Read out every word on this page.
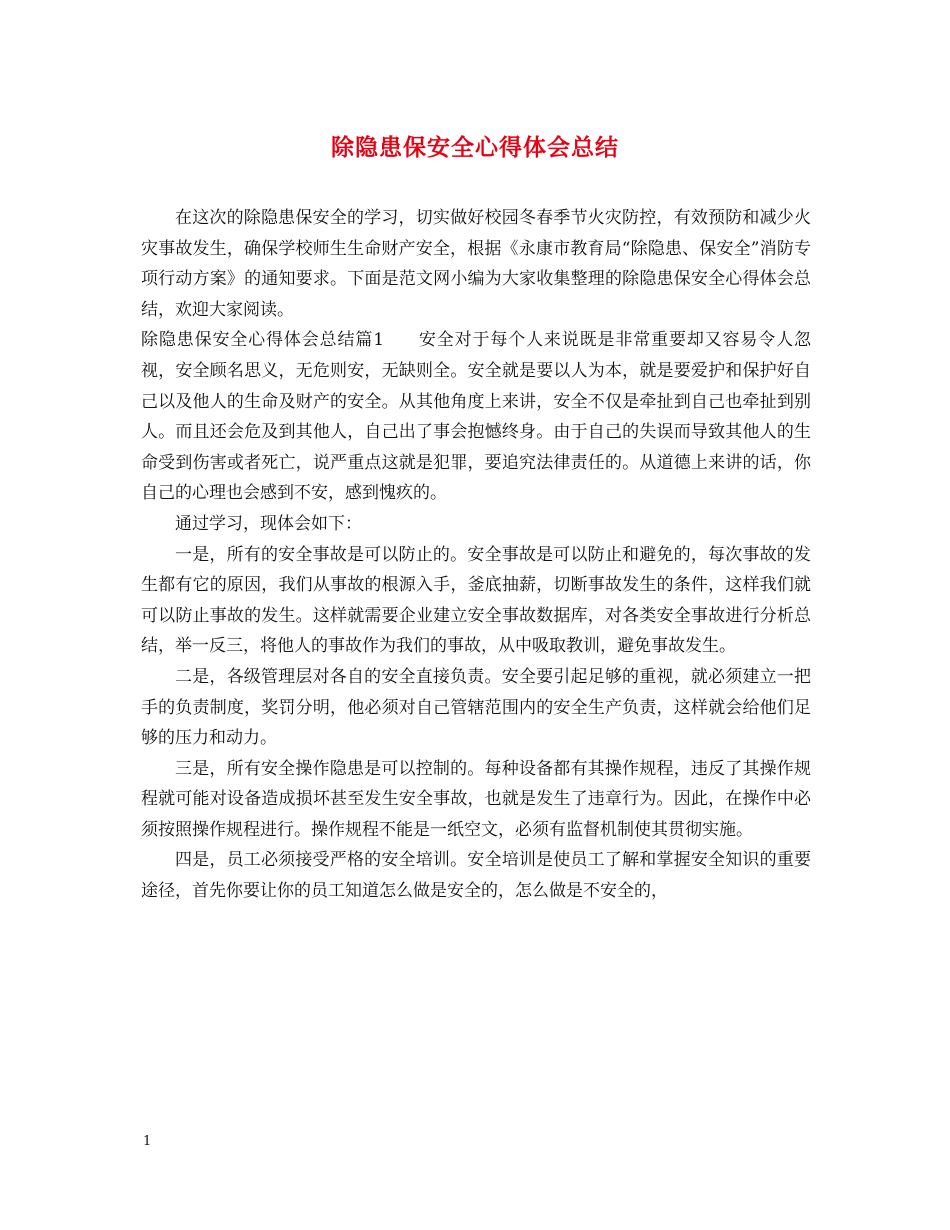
除隐患保安全心得体会总结

在这次的除隐患保安全的学习，切实做好校园冬春季节火灾防控，有效预防和减少火灾事故发生，确保学校师生生命财产安全，根据《永康市教育局“除隐患、保安全”消防专项行动方案》的通知要求。下面是范文网小编为大家收集整理的除隐患保安全心得体会总结，欢迎大家阅读。

除隐患保安全心得体会总结篇1 安全对于每个人来说既是非常重要却又容易令人忽视，安全顾名思义，无危则安，无缺则全。安全就是要以人为本，就是要爱护和保护好自己以及他人的生命及财产的安全。从其他角度上来讲，安全不仅是牵扯到自己也牵扯到别人。而且还会危及到其他人，自己出了事会抱憾终身。由于自己的失误而导致其他人的生命受到伤害或者死亡，说严重点这就是犯罪，要追究法律责任的。从道德上来讲的话，你自己的心理也会感到不安，感到愧疚的。

通过学习，现体会如下：

一是，所有的安全事故是可以防止的。安全事故是可以防止和避免的，每次事故的发生都有它的原因，我们从事故的根源入手，釜底抽薪，切断事故发生的条件，这样我们就可以防止事故的发生。这样就需要企业建立安全事故数据库，对各类安全事故进行分析总结，举一反三，将他人的事故作为我们的事故，从中吸取教训，避免事故发生。

二是，各级管理层对各自的安全直接负责。安全要引起足够的重视，就必须建立一把手的负责制度，奖罚分明，他必须对自己管辖范围内的安全生产负责，这样就会给他们足够的压力和动力。

三是，所有安全操作隐患是可以控制的。每种设备都有其操作规程，违反了其操作规程就可能对设备造成损坏甚至发生安全事故，也就是发生了违章行为。因此，在操作中必须按照操作规程进行。操作规程不能是一纸空文，必须有监督机制使其贯彻实施。

四是，员工必须接受严格的安全培训。安全培训是使员工了解和掌握安全知识的重要途径，首先你要让你的员工知道怎么做是安全的，怎么做是不安全的，

1
